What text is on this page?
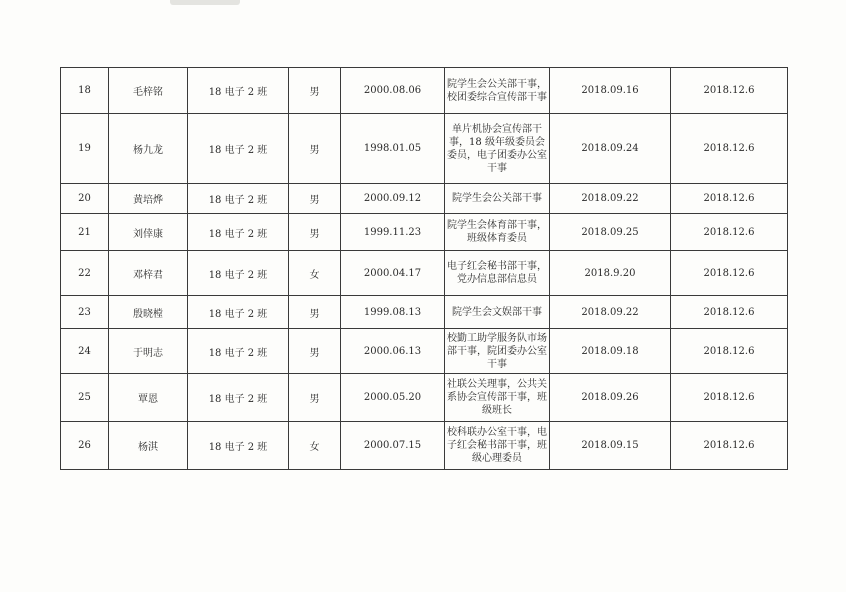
18	毛梓铭	18 电子 2 班	男	2000.08.06	院学生会公关部干事，校团委综合宣传部干事	2018.09.16	2018.12.6
19	杨九龙	18 电子 2 班	男	1998.01.05	单片机协会宣传部干事，18 级年级委员会委员，电子团委办公室干事	2018.09.24	2018.12.6
20	黄培烨	18 电子 2 班	男	2000.09.12	院学生会公关部干事	2018.09.22	2018.12.6
21	刘倖康	18 电子 2 班	男	1999.11.23	院学生会体育部干事，班级体育委员	2018.09.25	2018.12.6
22	邓梓君	18 电子 2 班	女	2000.04.17	电子红会秘书部干事，党办信息部信息员	2018.9.20	2018.12.6
23	殷晓樘	18 电子 2 班	男	1999.08.13	院学生会文娱部干事	2018.09.22	2018.12.6
24	于明志	18 电子 2 班	男	2000.06.13	校勤工助学服务队市场部干事，院团委办公室干事	2018.09.18	2018.12.6
25	覃恩	18 电子 2 班	男	2000.05.20	社联公关理事，公共关系协会宣传部干事，班级班长	2018.09.26	2018.12.6
26	杨淇	18 电子 2 班	女	2000.07.15	校科联办公室干事，电子红会秘书部干事，班级心理委员	2018.09.15	2018.12.6
